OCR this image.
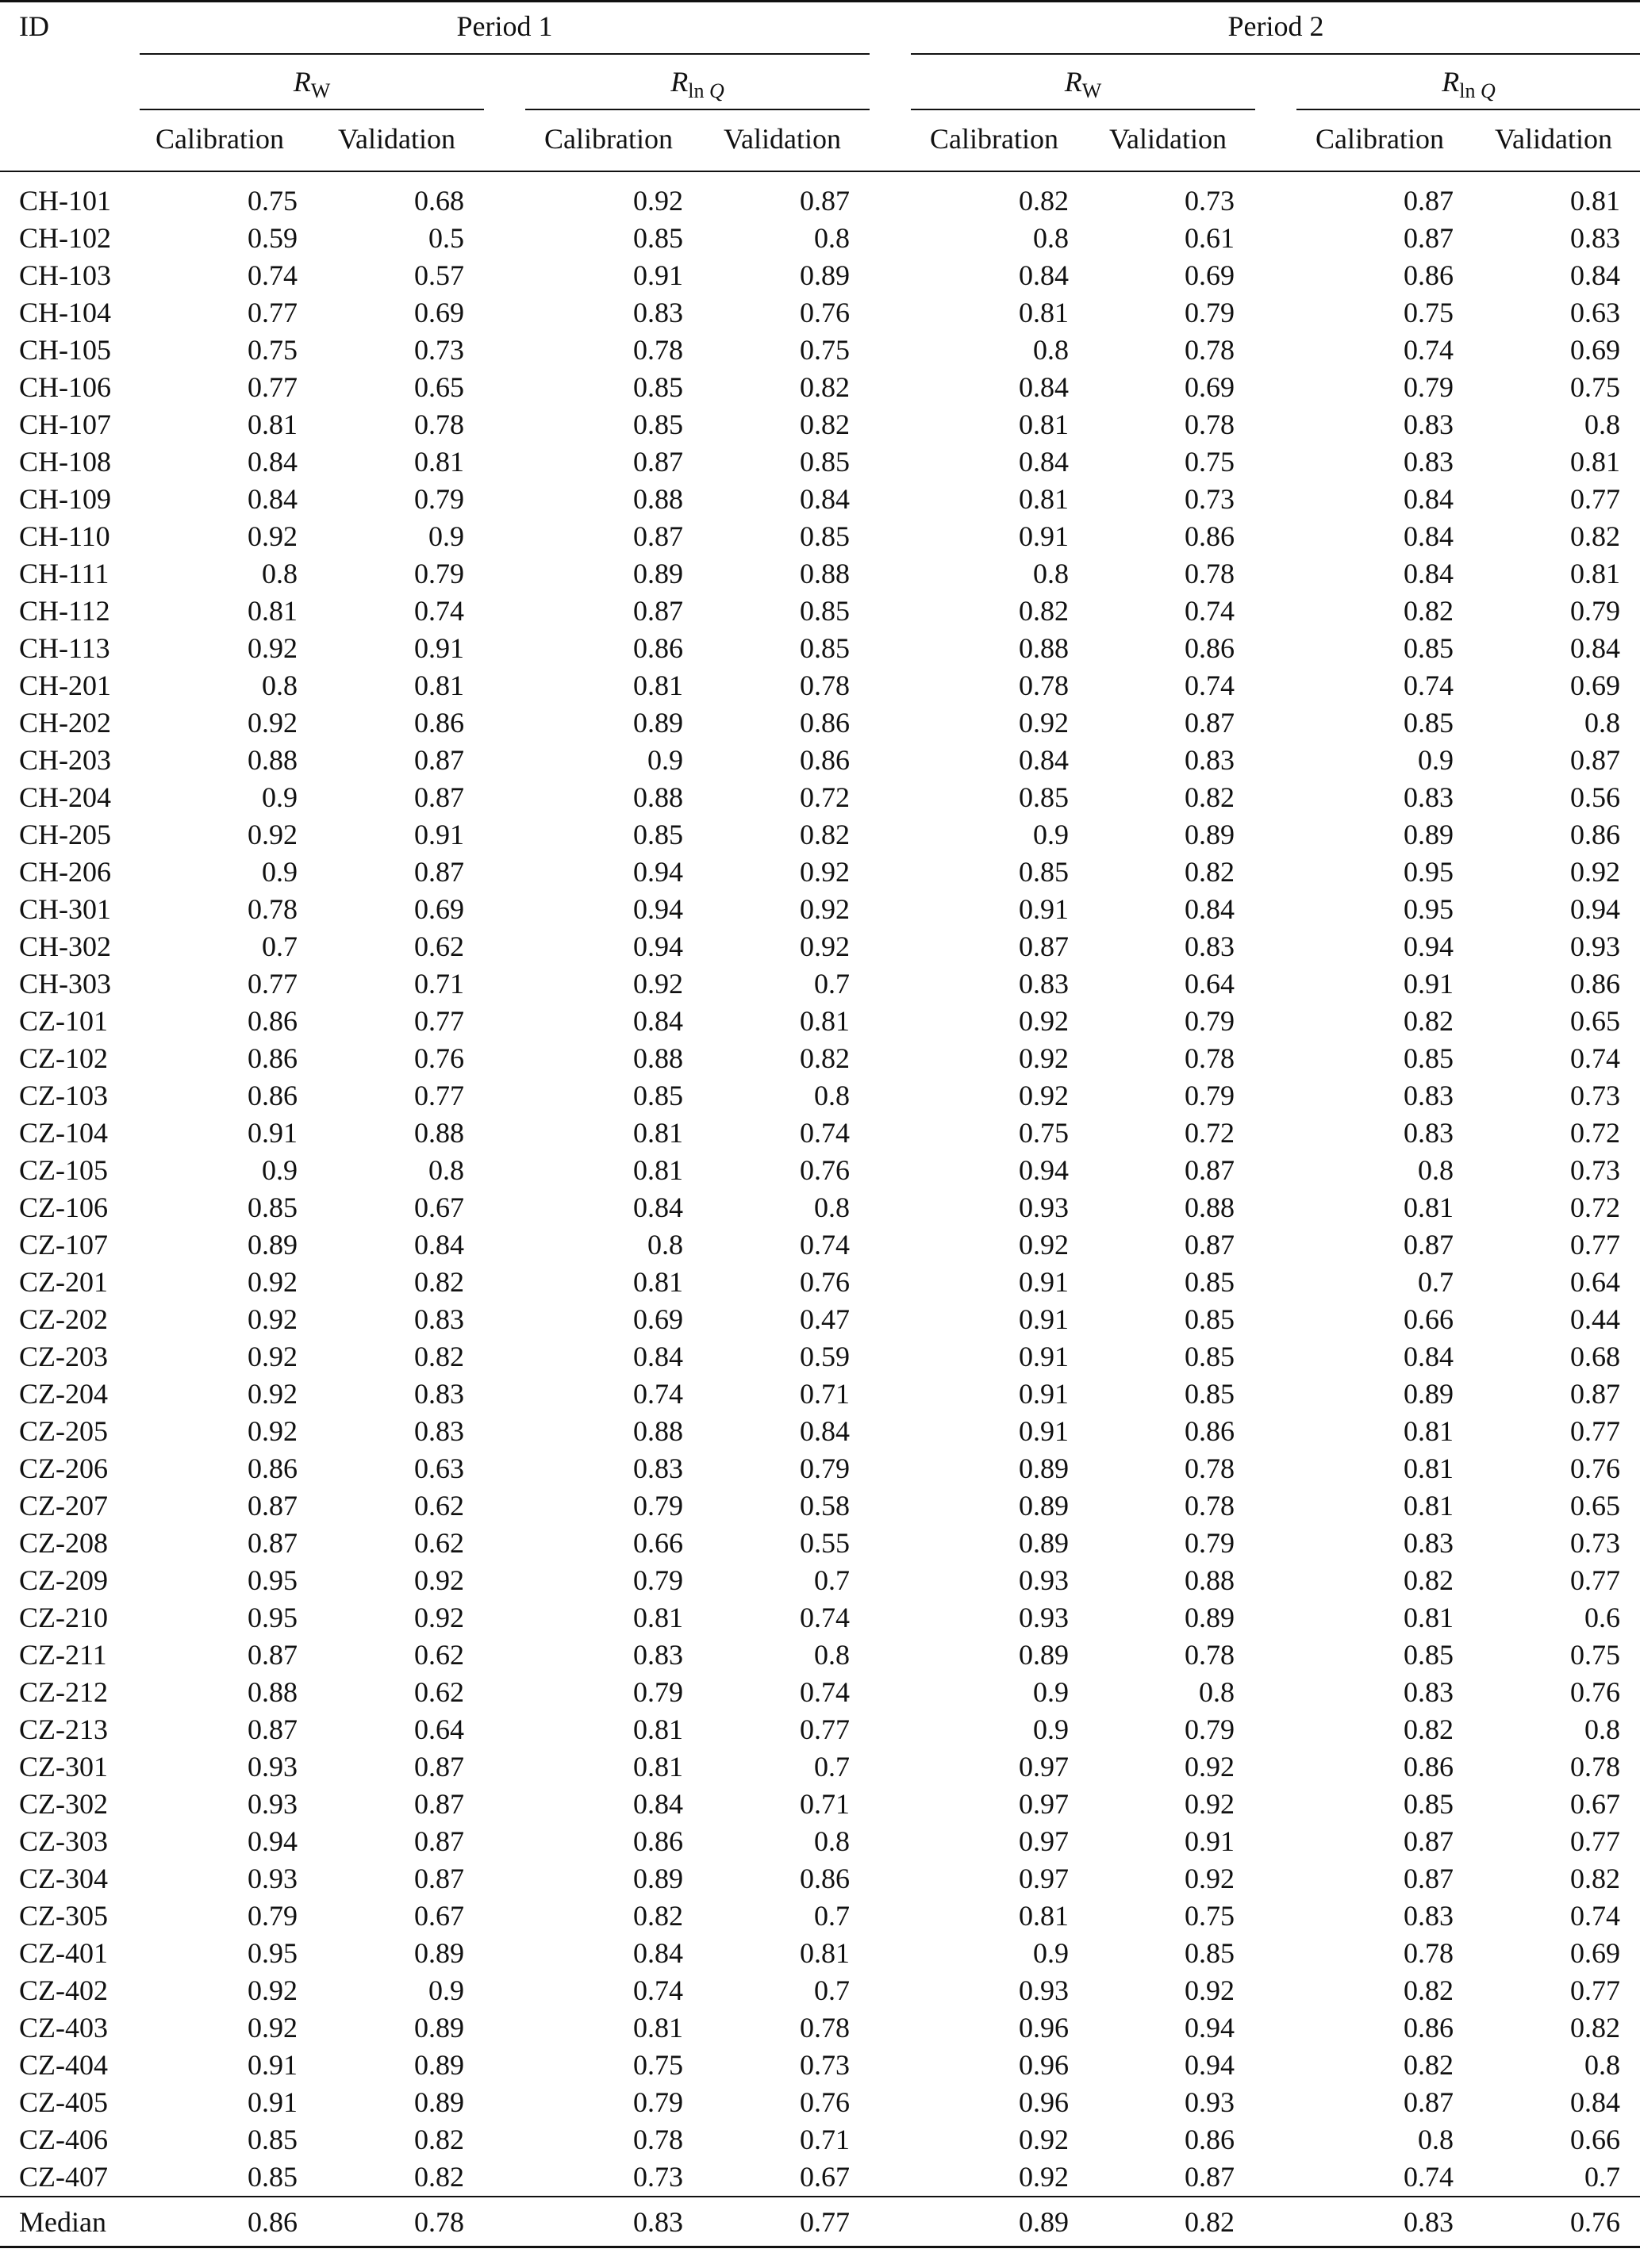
ID	Period 1	Period 2
$R_W$	$R_{ln Q}$	$R_W$	$R_{ln Q}$
Calibration Validation	Calibration Validation	Calibration Validation	Calibration Validation
CH-101	0.75	0.68	0.92	0.87	0.82	0.73	0.87	0.81	
CH-102	0.59	0.5	0.85	0.8	0.8	0.61	0.87	0.83	
CH-103	0.74	0.57	0.91	0.89	0.84	0.69	0.86	0.84	
CH-104	0.77	0.69	0.83	0.76	0.81	0.79	0.75	0.63	
CH-105	0.75	0.73	0.78	0.75	0.8	0.78	0.74	0.69	
CH-106	0.77	0.65	0.85	0.82	0.84	0.69	0.79	0.75	
CH-107	0.81	0.78	0.85	0.82	0.81	0.78	0.83	0.8	
CH-108	0.84	0.81	0.87	0.85	0.84	0.75	0.83	0.81	
CH-109	0.84	0.79	0.88	0.84	0.81	0.73	0.84	0.77	
CH-110	0.92	0.9	0.87	0.85	0.91	0.86	0.84	0.82	
CH-111	0.8	0.79	0.89	0.88	0.8	0.78	0.84	0.81	
CH-112	0.81	0.74	0.87	0.85	0.82	0.74	0.82	0.79	
CH-113	0.92	0.91	0.86	0.85	0.88	0.86	0.85	0.84	
CH-201	0.8	0.81	0.81	0.78	0.78	0.74	0.74	0.69	
CH-202	0.92	0.86	0.89	0.86	0.92	0.87	0.85	0.8	
CH-203	0.88	0.87	0.9	0.86	0.84	0.83	0.9	0.87	
CH-204	0.9	0.87	0.88	0.72	0.85	0.82	0.83	0.56	
CH-205	0.92	0.91	0.85	0.82	0.9	0.89	0.89	0.86	
CH-206	0.9	0.87	0.94	0.92	0.85	0.82	0.95	0.92	
CH-301	0.78	0.69	0.94	0.92	0.91	0.84	0.95	0.94	
CH-302	0.7	0.62	0.94	0.92	0.87	0.83	0.94	0.93	
CH-303	0.77	0.71	0.92	0.7	0.83	0.64	0.91	0.86	
CZ-101	0.86	0.77	0.84	0.81	0.92	0.79	0.82	0.65	
CZ-102	0.86	0.76	0.88	0.82	0.92	0.78	0.85	0.74	
CZ-103	0.86	0.77	0.85	0.8	0.92	0.79	0.83	0.73	
CZ-104	0.91	0.88	0.81	0.74	0.75	0.72	0.83	0.72	
CZ-105	0.9	0.8	0.81	0.76	0.94	0.87	0.8	0.73	
CZ-106	0.85	0.67	0.84	0.8	0.93	0.88	0.81	0.72	
CZ-107	0.89	0.84	0.8	0.74	0.92	0.87	0.87	0.77	
CZ-201	0.92	0.82	0.81	0.76	0.91	0.85	0.7	0.64	
CZ-202	0.92	0.83	0.69	0.47	0.91	0.85	0.66	0.44	
CZ-203	0.92	0.82	0.84	0.59	0.91	0.85	0.84	0.68	
CZ-204	0.92	0.83	0.74	0.71	0.91	0.85	0.89	0.87	
CZ-205	0.92	0.83	0.88	0.84	0.91	0.86	0.81	0.77	
CZ-206	0.86	0.63	0.83	0.79	0.89	0.78	0.81	0.76	
CZ-207	0.87	0.62	0.79	0.58	0.89	0.78	0.81	0.65	
CZ-208	0.87	0.62	0.66	0.55	0.89	0.79	0.83	0.73	
CZ-209	0.95	0.92	0.79	0.7	0.93	0.88	0.82	0.77	
CZ-210	0.95	0.92	0.81	0.74	0.93	0.89	0.81	0.6	
CZ-211	0.87	0.62	0.83	0.8	0.89	0.78	0.85	0.75	
CZ-212	0.88	0.62	0.79	0.74	0.9	0.8	0.83	0.76	
CZ-213	0.87	0.64	0.81	0.77	0.9	0.79	0.82	0.8	
CZ-301	0.93	0.87	0.81	0.7	0.97	0.92	0.86	0.78	
CZ-302	0.93	0.87	0.84	0.71	0.97	0.92	0.85	0.67	
CZ-303	0.94	0.87	0.86	0.8	0.97	0.91	0.87	0.77	
CZ-304	0.93	0.87	0.89	0.86	0.97	0.92	0.87	0.82	
CZ-305	0.79	0.67	0.82	0.7	0.81	0.75	0.83	0.74	
CZ-401	0.95	0.89	0.84	0.81	0.9	0.85	0.78	0.69	
CZ-402	0.92	0.9	0.74	0.7	0.93	0.92	0.82	0.77	
CZ-403	0.92	0.89	0.81	0.78	0.96	0.94	0.86	0.82	
CZ-404	0.91	0.89	0.75	0.73	0.96	0.94	0.82	0.8	
CZ-405	0.91	0.89	0.79	0.76	0.96	0.93	0.87	0.84	
CZ-406	0.85	0.82	0.78	0.71	0.92	0.86	0.8	0.66	
CZ-407	0.85	0.82	0.73	0.67	0.92	0.87	0.74	0.7	
Median	0.86	0.78	0.83	0.77	0.89	0.82	0.83	0.76	
